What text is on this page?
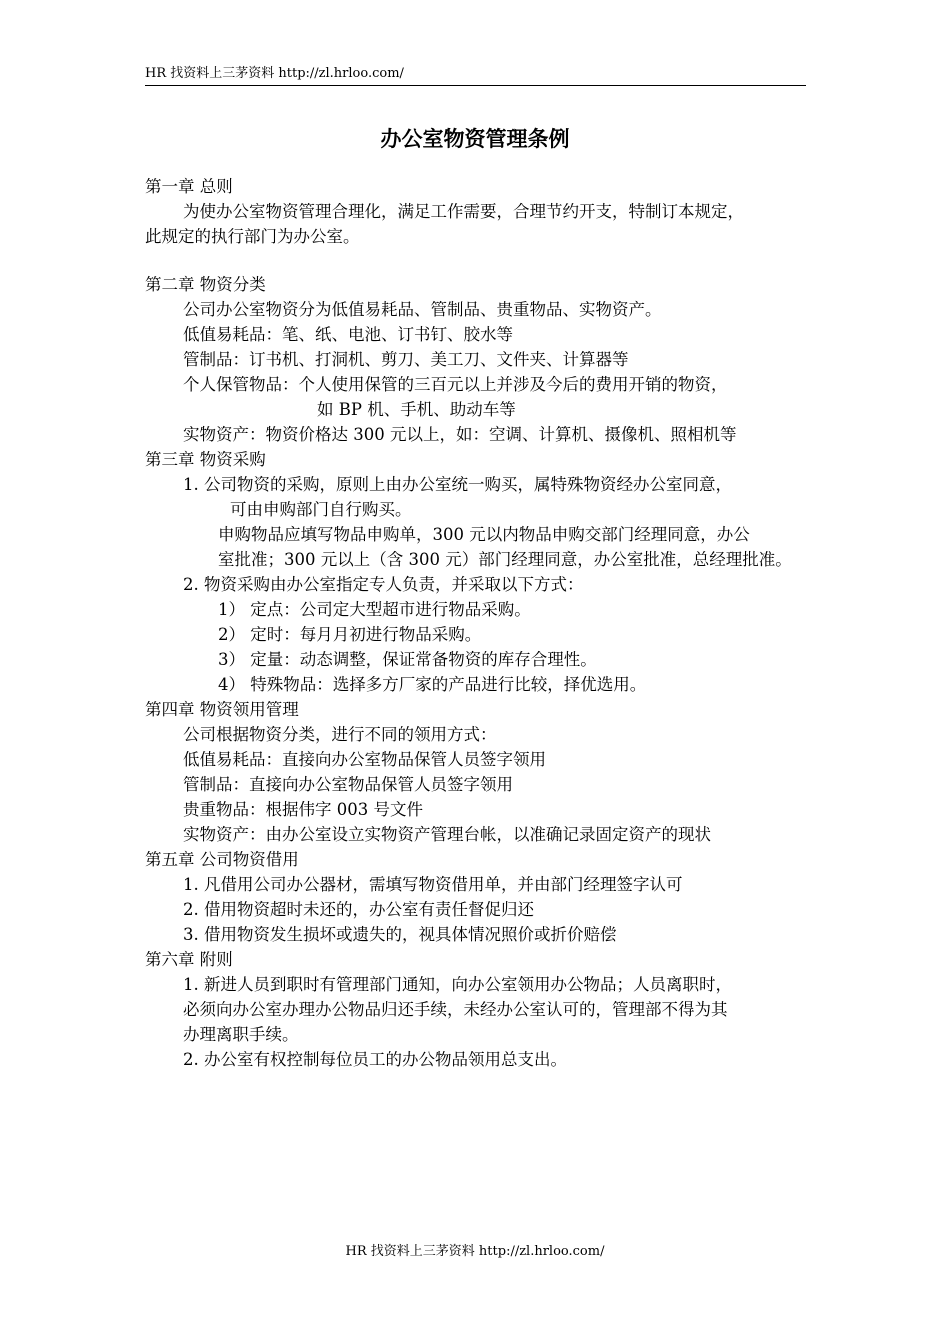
HR 找资料上三茅资料 http://zl.hrloo.com/
办公室物资管理条例
第一章 总则
为使办公室物资管理合理化，满足工作需要，合理节约开支，特制订本规定，
此规定的执行部门为办公室。
第二章 物资分类
公司办公室物资分为低值易耗品、管制品、贵重物品、实物资产。
低值易耗品：笔、纸、电池、订书钉、胶水等
管制品：订书机、打洞机、剪刀、美工刀、文件夹、计算器等
个人保管物品：个人使用保管的三百元以上并涉及今后的费用开销的物资，
如 BP 机、手机、助动车等
实物资产：物资价格达 300 元以上，如：空调、计算机、摄像机、照相机等
第三章 物资采购
1. 公司物资的采购，原则上由办公室统一购买，属特殊物资经办公室同意，
可由申购部门自行购买。
申购物品应填写物品申购单，300 元以内物品申购交部门经理同意，办公
室批准；300 元以上（含 300 元）部门经理同意，办公室批准，总经理批准。
2. 物资采购由办公室指定专人负责，并采取以下方式：
1） 定点：公司定大型超市进行物品采购。
2） 定时：每月月初进行物品采购。
3） 定量：动态调整，保证常备物资的库存合理性。
4） 特殊物品：选择多方厂家的产品进行比较，择优选用。
第四章 物资领用管理
公司根据物资分类，进行不同的领用方式：
低值易耗品：直接向办公室物品保管人员签字领用
管制品：直接向办公室物品保管人员签字领用
贵重物品：根据伟字 003 号文件
实物资产：由办公室设立实物资产管理台帐，以准确记录固定资产的现状
第五章 公司物资借用
1. 凡借用公司办公器材，需填写物资借用单，并由部门经理签字认可
2. 借用物资超时未还的，办公室有责任督促归还
3. 借用物资发生损坏或遗失的，视具体情况照价或折价赔偿
第六章 附则
1. 新进人员到职时有管理部门通知，向办公室领用办公物品；人员离职时，
必须向办公室办理办公物品归还手续，未经办公室认可的，管理部不得为其
办理离职手续。
2. 办公室有权控制每位员工的办公物品领用总支出。
HR 找资料上三茅资料 http://zl.hrloo.com/
